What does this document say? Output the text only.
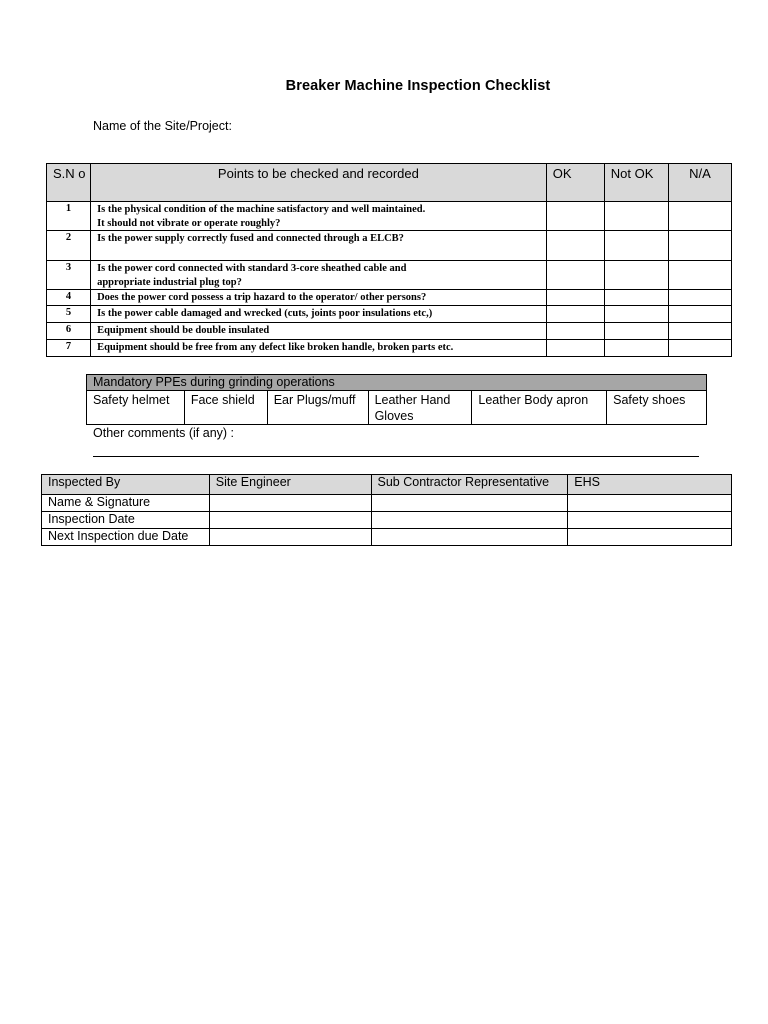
Breaker Machine Inspection Checklist
Name of the Site/Project:
S.N o	Points to be checked and recorded	OK	Not OK	N/A
1	Is the physical condition of the machine satisfactory and well maintained.
It should not vibrate or operate roughly?			
2	Is the power supply correctly fused and connected through a ELCB?			
3	Is the power cord connected with standard 3-core sheathed cable and
appropriate industrial plug top?			
4	Does the power cord possess a trip hazard to the operator/ other persons?			
5	Is the power cable damaged and wrecked (cuts, joints poor insulations etc,)			
6	Equipment should be double insulated			
7	Equipment should be free from any defect like broken handle, broken parts etc.			
Mandatory PPEs during grinding operations
Safety helmet	Face shield	Ear Plugs/muff	Leather Hand Gloves	Leather Body apron	Safety shoes
Other comments (if any) :
Inspected By	Site Engineer	Sub Contractor Representative	EHS
Name & Signature			
Inspection Date			
Next Inspection due Date			
